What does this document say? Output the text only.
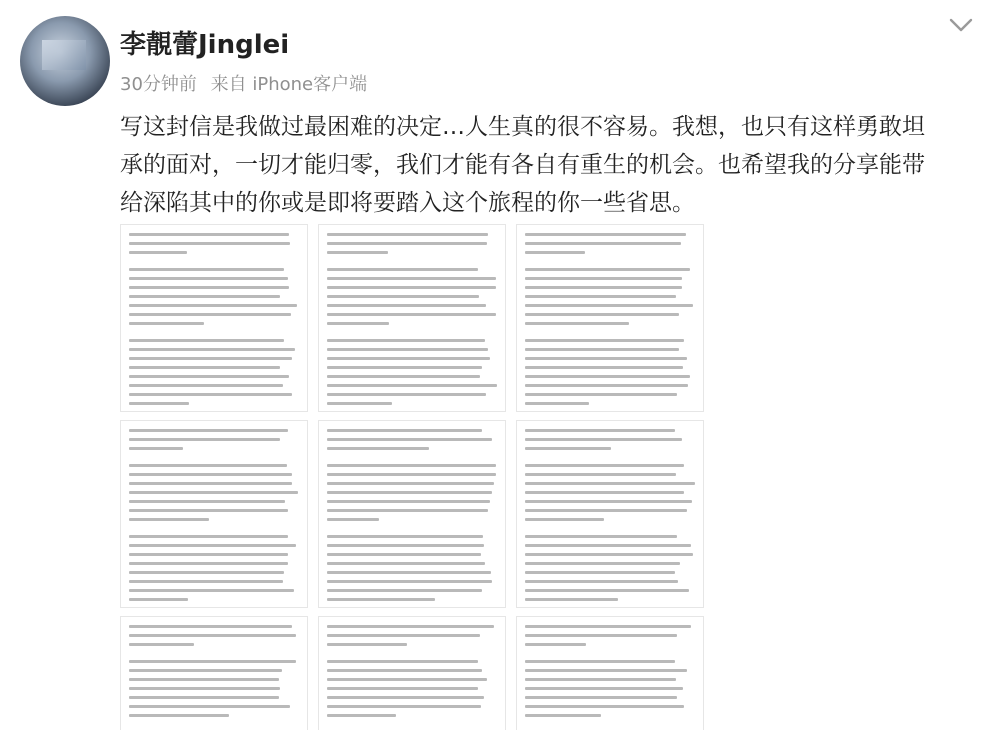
李靚蕾Jinglei
30分钟前 来自 iPhone客户端
写这封信是我做过最困难的决定…人生真的很不容易。我想，也只有这样勇敢坦
承的面对，一切才能归零，我们才能有各自有重生的机会。也希望我的分享能带
给深陷其中的你或是即将要踏入这个旅程的你一些省思。
